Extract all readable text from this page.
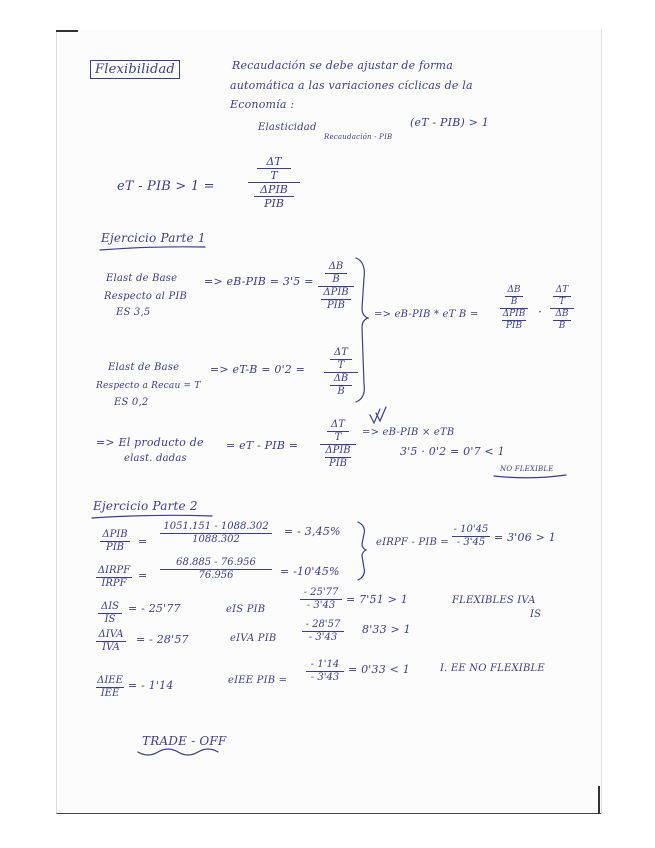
Flexibilidad	Recaudación se debe ajustar de forma
automática a las variaciones cíclicas de la
Economía :
Elasticidad
Recaudación - PIB
(eT - PIB) > 1
eT - PIB > 1 =
ΔT
T
ΔPIB
PIB
Ejercicio Parte 1
Elast de Base
Respecto al PIB
ES 3,5
=> eB-PIB = 3'5 =
ΔB
B
ΔPIB
PIB
Elast de Base
Respecto a Recau = T
ES 0,2
=> eT-B = 0'2 =
ΔT
T
ΔB
B
=> eB-PIB * eT B =
ΔB
B
ΔPIB
PIB
·
ΔT
T
ΔB
B
=> El producto de
elast. dadas
= eT - PIB =
ΔT
T
ΔPIB
PIB
=> eB-PIB × eTB
3'5 · 0'2 = 0'7 < 1
NO FLEXIBLE
Ejercicio Parte 2
ΔPIB
PIB =
1051.151 - 1088.302
1088.302
= - 3,45%
ΔIRPF
IRPF
=
68.885 - 76.956
76.956	= -10'45%
eIRPF - PIB =
- 10'45
- 3'45 = 3'06 > 1
ΔIS
IS
= - 25'77	eIS PIB
- 25'77
- 3'43 = 7'51 > 1	FLEXIBLES IVA
IS
ΔIVA
IVA
= - 28'57	eIVA PIB
- 28'57
- 3'43
8'33 > 1
ΔIEE
IEE
= - 1'14	eIEE PIB =
- 1'14
- 3'43
= 0'33 < 1	I. EE NO FLEXIBLE
TRADE - OFF
